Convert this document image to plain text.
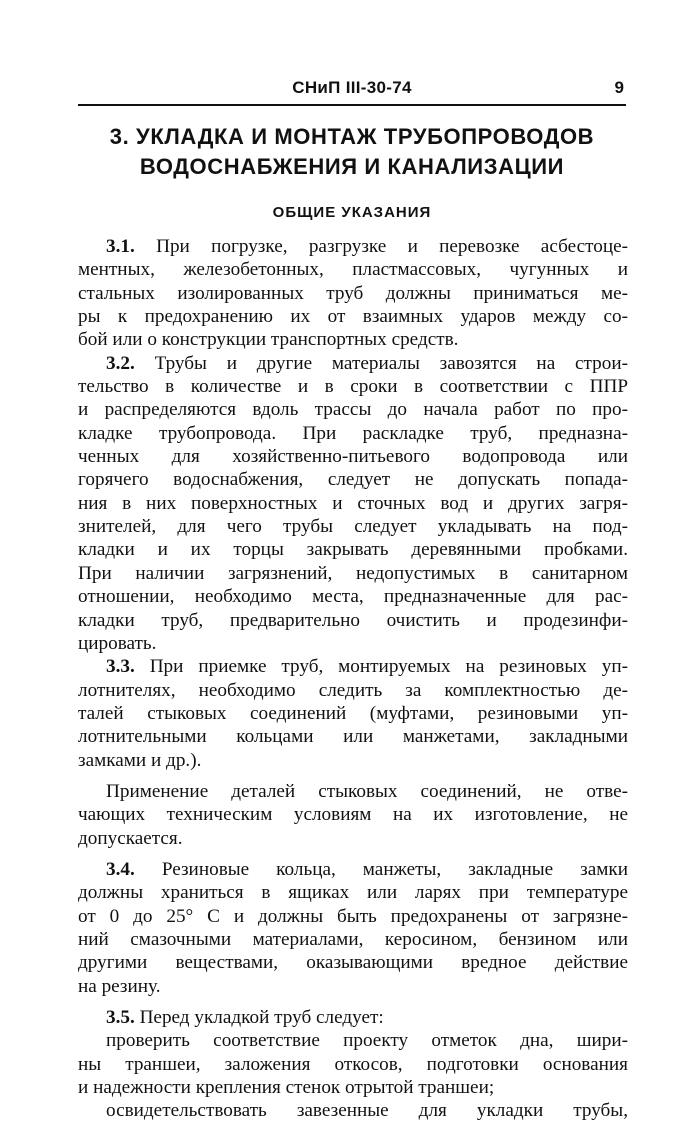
СНиП III-30-74	9
3. УКЛАДКА И МОНТАЖ ТРУБОПРОВОДОВ
ВОДОСНАБЖЕНИЯ И КАНАЛИЗАЦИИ
ОБЩИЕ УКАЗАНИЯ
3.1. При погрузке, разгрузке и перевозке асбестоце-
ментных, железобетонных, пластмассовых, чугунных и
стальных изолированных труб должны приниматься ме-
ры к предохранению их от взаимных ударов между со-
бой или о конструкции транспортных средств.
3.2. Трубы и другие материалы завозятся на строи-
тельство в количестве и в сроки в соответствии с ППР
и распределяются вдоль трассы до начала работ по про-
кладке трубопровода. При раскладке труб, предназна-
ченных для хозяйственно-питьевого водопровода или
горячего водоснабжения, следует не допускать попада-
ния в них поверхностных и сточных вод и других загря-
знителей, для чего трубы следует укладывать на под-
кладки и их торцы закрывать деревянными пробками.
При наличии загрязнений, недопустимых в санитарном
отношении, необходимо места, предназначенные для рас-
кладки труб, предварительно очистить и продезинфи-
цировать.
3.3. При приемке труб, монтируемых на резиновых уп-
лотнителях, необходимо следить за комплектностью де-
талей стыковых соединений (муфтами, резиновыми уп-
лотнительными кольцами или манжетами, закладными
замками и др.).
Применение деталей стыковых соединений, не отве-
чающих техническим условиям на их изготовление, не
допускается.
3.4. Резиновые кольца, манжеты, закладные замки
должны храниться в ящиках или ларях при температуре
от 0 до 25° С и должны быть предохранены от загрязне-
ний смазочными материалами, керосином, бензином или
другими веществами, оказывающими вредное действие
на резину.
3.5. Перед укладкой труб следует:
проверить соответствие проекту отметок дна, шири-
ны траншеи, заложения откосов, подготовки основания
и надежности крепления стенок отрытой траншеи;
освидетельствовать завезенные для укладки трубы,
